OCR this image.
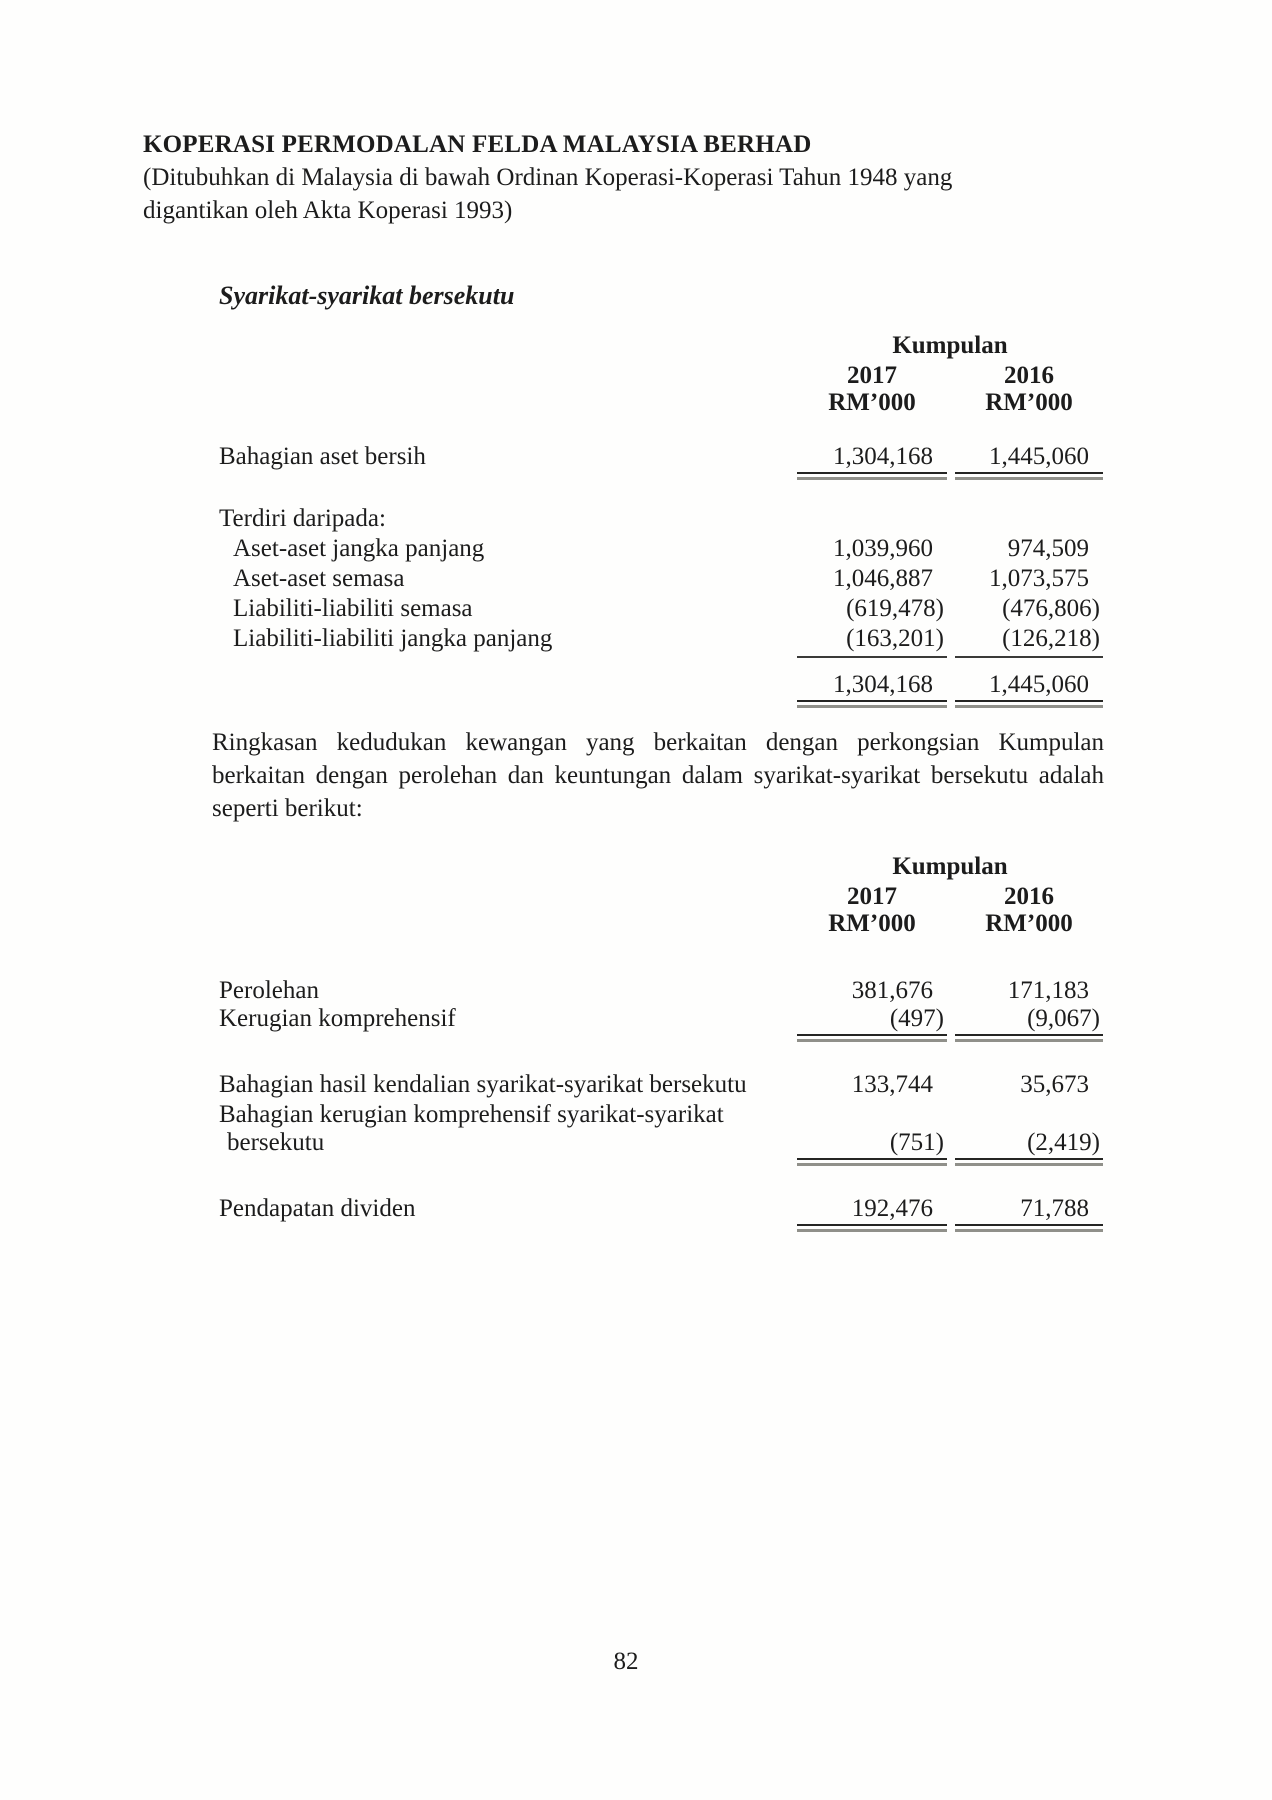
KOPERASI PERMODALAN FELDA MALAYSIA BERHAD
(Ditubuhkan di Malaysia di bawah Ordinan Koperasi-Koperasi Tahun 1948 yang
digantikan oleh Akta Koperasi 1993)
Syarikat-syarikat bersekutu
Kumpulan
2017	2016
RM’000	RM’000
Bahagian aset bersih	1,304,168	1,445,060
Terdiri daripada:
Aset-aset jangka panjang	1,039,960	974,509
Aset-aset semasa	1,046,887	1,073,575
Liabiliti-liabiliti semasa	(619,478)	(476,806)
Liabiliti-liabiliti jangka panjang	(163,201)	(126,218)
1,304,168	1,445,060
Ringkasan kedudukan kewangan yang berkaitan dengan perkongsian Kumpulan
berkaitan dengan perolehan dan keuntungan dalam syarikat-syarikat bersekutu adalah
seperti berikut:
Kumpulan
2017	2016
RM’000	RM’000
Perolehan	381,676	171,183
Kerugian komprehensif	(497)	(9,067)
Bahagian hasil kendalian syarikat-syarikat bersekutu	133,744	35,673
Bahagian kerugian komprehensif syarikat-syarikat
bersekutu	(751)	(2,419)
Pendapatan dividen	192,476	71,788
82
